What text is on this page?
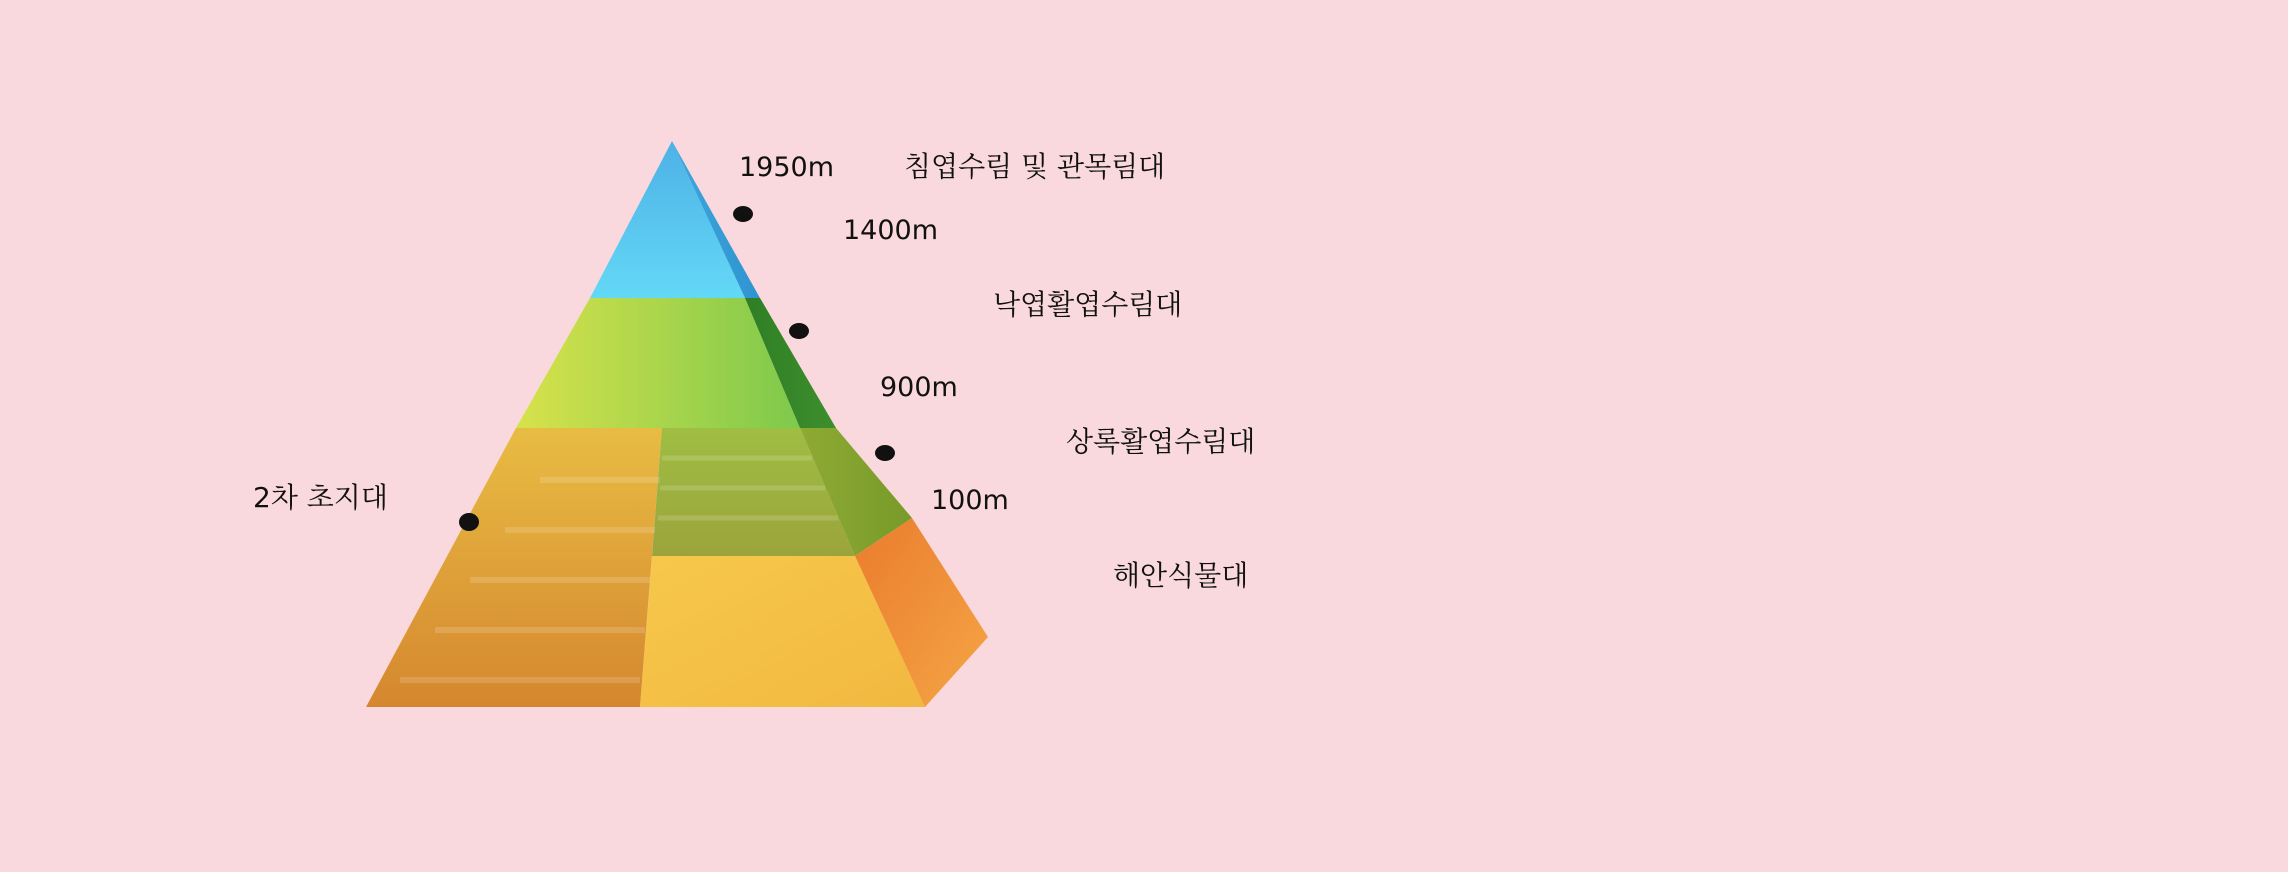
1950m
1400m
900m
100m
침엽수림 및 관목림대
낙엽활엽수림대
상록활엽수림대
해안식물대
2차 초지대
